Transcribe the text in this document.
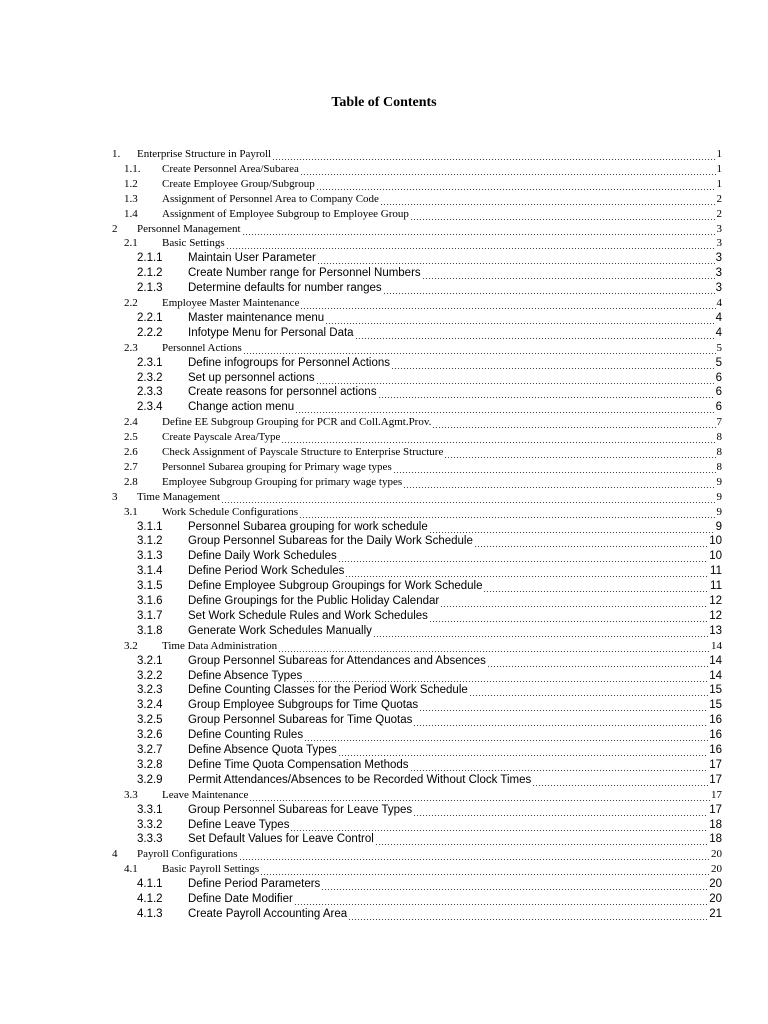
Table of Contents
1.	Enterprise Structure in Payroll	1
1.1.	Create Personnel Area/Subarea	1
1.2	Create Employee Group/Subgroup	1
1.3	Assignment of Personnel Area to Company Code	2
1.4	Assignment of Employee Subgroup to Employee Group	2
2	Personnel Management	3
2.1	Basic Settings	3
2.1.1	Maintain User Parameter	3
2.1.2	Create Number range for Personnel Numbers	3
2.1.3	Determine defaults for number ranges	3
2.2	Employee Master Maintenance	4
2.2.1	Master maintenance menu	4
2.2.2	Infotype Menu for Personal Data	4
2.3	Personnel Actions	5
2.3.1	Define infogroups for Personnel Actions	5
2.3.2	Set up personnel actions	6
2.3.3	Create reasons for personnel actions	6
2.3.4	Change action menu	6
2.4	Define EE Subgroup Grouping for PCR and Coll.Agmt.Prov.	7
2.5	Create Payscale Area/Type	8
2.6	Check Assignment of Payscale Structure to Enterprise Structure	8
2.7	Personnel Subarea grouping for Primary wage types	8
2.8	Employee Subgroup Grouping for primary wage types	9
3	Time Management	9
3.1	Work Schedule Configurations	9
3.1.1	Personnel Subarea grouping for work schedule	9
3.1.2	Group Personnel Subareas for the Daily Work Schedule	10
3.1.3	Define Daily Work Schedules	10
3.1.4	Define Period Work Schedules	11
3.1.5	Define Employee Subgroup Groupings for Work Schedule	11
3.1.6	Define Groupings for the Public Holiday Calendar	12
3.1.7	Set Work Schedule Rules and Work Schedules	12
3.1.8	Generate Work Schedules Manually	13
3.2	Time Data Administration	14
3.2.1	Group Personnel Subareas for Attendances and Absences	14
3.2.2	Define Absence Types	14
3.2.3	Define Counting Classes for the Period Work Schedule	15
3.2.4	Group Employee Subgroups for Time Quotas	15
3.2.5	Group Personnel Subareas for Time Quotas	16
3.2.6	Define Counting Rules	16
3.2.7	Define Absence Quota Types	16
3.2.8	Define Time Quota Compensation Methods	17
3.2.9	Permit Attendances/Absences to be Recorded Without Clock Times	17
3.3	Leave Maintenance	17
3.3.1	Group Personnel Subareas for Leave Types	17
3.3.2	Define Leave Types	18
3.3.3	Set Default Values for Leave Control	18
4	Payroll Configurations	20
4.1	Basic Payroll Settings	20
4.1.1	Define Period Parameters	20
4.1.2	Define Date Modifier	20
4.1.3	Create Payroll Accounting Area	21
